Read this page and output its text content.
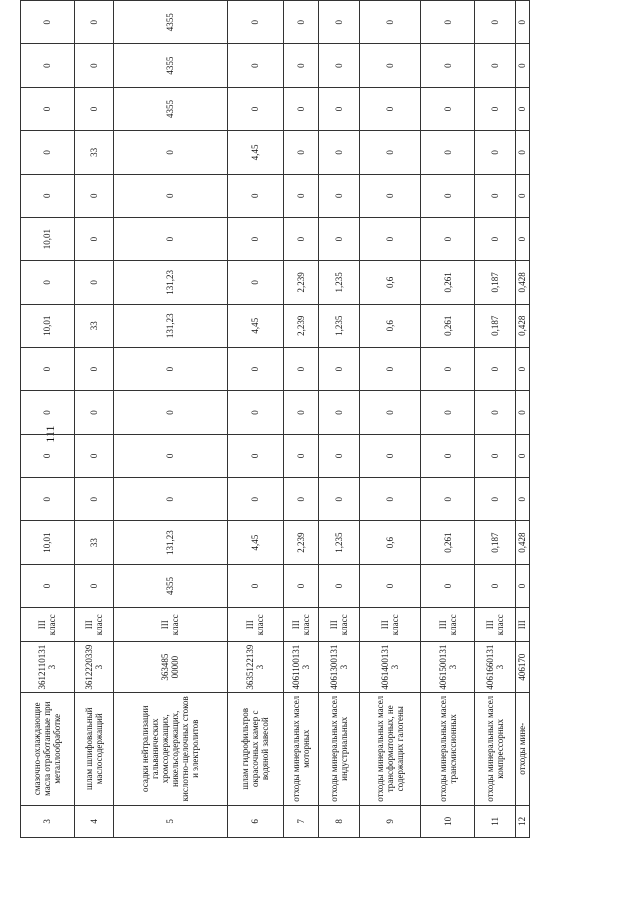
111
3	смазочно-охлаждающие масла отработанные при металлообработке	36121101313	III класс	0	10,01	0	0	0	0	10,01	0	10,01	0	0	0	0	0
4	шлам шлифовальный маслосодержащий	36122203393	III класс	0	33	0	0	0	0	33	0	0	0	33	0	0	0
5	осадки нейтрализации гальванических хромсодержащих, никельсодержащих, кислотно-щелочных стоков и электролитов	363485 00000	III класс	4355	131,23	0	0	0	0	131,23	131,23	0	0	0	4355	4355	4355
6	шлам гидрофильтров окрасочных камер с водяной завесой	36351221393	III класс	0	4,45	0	0	0	0	4,45	0	0	0	4,45	0	0	0
7	отходы минеральных масел моторных	40611001313	III класс	0	2,239	0	0	0	0	2,239	2,239	0	0	0	0	0	0
8	отходы минеральных масел индустриальных	40613001313	III класс	0	1,235	0	0	0	0	1,235	1,235	0	0	0	0	0	0
9	отходы минеральных масел трансформаторных, не содержащих галогены	40614001313	III класс	0	0,6	0	0	0	0	0,6	0,6	0	0	0	0	0	0
10	отходы минеральных масел трансмиссионных	40615001313	III класс	0	0,261	0	0	0	0	0,261	0,261	0	0	0	0	0	0
11	отходы минеральных масел компрессорных	40616601313	III класс	0	0,187	0	0	0	0	0,187	0,187	0	0	0	0	0	0
12	отходы мине-	406170	III	0	0,428	0	0	0	0	0,428	0,428	0	0	0	0	0	0
